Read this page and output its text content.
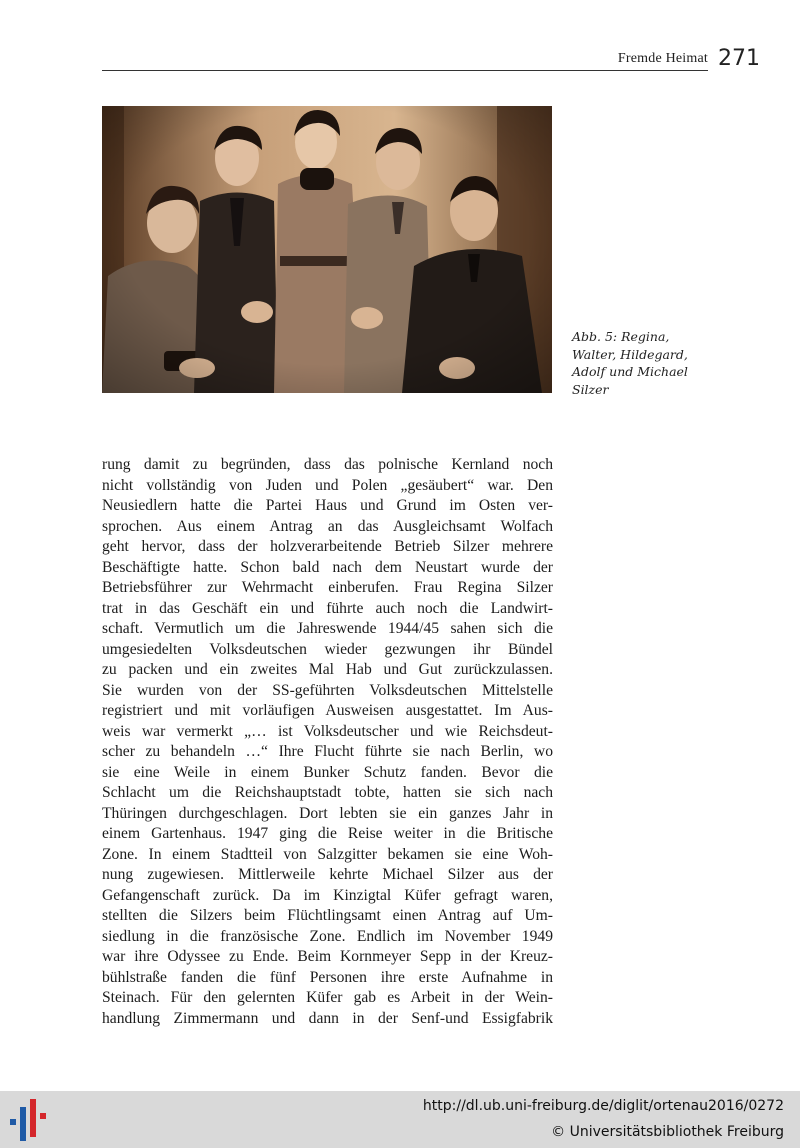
Fremde Heimat 271
Abb. 5: Regina,
Walter, Hildegard,
Adolf und Michael
Silzer
rung damit zu begründen, dass das polnische Kernland noch
nicht vollständig von Juden und Polen „gesäubert“ war. Den
Neusiedlern hatte die Partei Haus und Grund im Osten ver-
sprochen. Aus einem Antrag an das Ausgleichsamt Wolfach
geht hervor, dass der holzverarbeitende Betrieb Silzer mehrere
Beschäftigte hatte. Schon bald nach dem Neustart wurde der
Betriebsführer zur Wehrmacht einberufen. Frau Regina Silzer
trat in das Geschäft ein und führte auch noch die Landwirt-
schaft. Vermutlich um die Jahreswende 1944/45 sahen sich die
umgesiedelten Volksdeutschen wieder gezwungen ihr Bündel
zu packen und ein zweites Mal Hab und Gut zurückzulassen.
Sie wurden von der SS-geführten Volksdeutschen Mittelstelle
registriert und mit vorläufigen Ausweisen ausgestattet. Im Aus-
weis war vermerkt „… ist Volksdeutscher und wie Reichsdeut-
scher zu behandeln …“ Ihre Flucht führte sie nach Berlin, wo
sie eine Weile in einem Bunker Schutz fanden. Bevor die
Schlacht um die Reichshauptstadt tobte, hatten sie sich nach
Thüringen durchgeschlagen. Dort lebten sie ein ganzes Jahr in
einem Gartenhaus. 1947 ging die Reise weiter in die Britische
Zone. In einem Stadtteil von Salzgitter bekamen sie eine Woh-
nung zugewiesen. Mittlerweile kehrte Michael Silzer aus der
Gefangenschaft zurück. Da im Kinzigtal Küfer gefragt waren,
stellten die Silzers beim Flüchtlingsamt einen Antrag auf Um-
siedlung in die französische Zone. Endlich im November 1949
war ihre Odyssee zu Ende. Beim Kornmeyer Sepp in der Kreuz-
bühlstraße fanden die fünf Personen ihre erste Aufnahme in
Steinach. Für den gelernten Küfer gab es Arbeit in der Wein-
handlung Zimmermann und dann in der Senf-und Essigfabrik
http://dl.ub.uni-freiburg.de/diglit/ortenau2016/0272
© Universitätsbibliothek Freiburg
